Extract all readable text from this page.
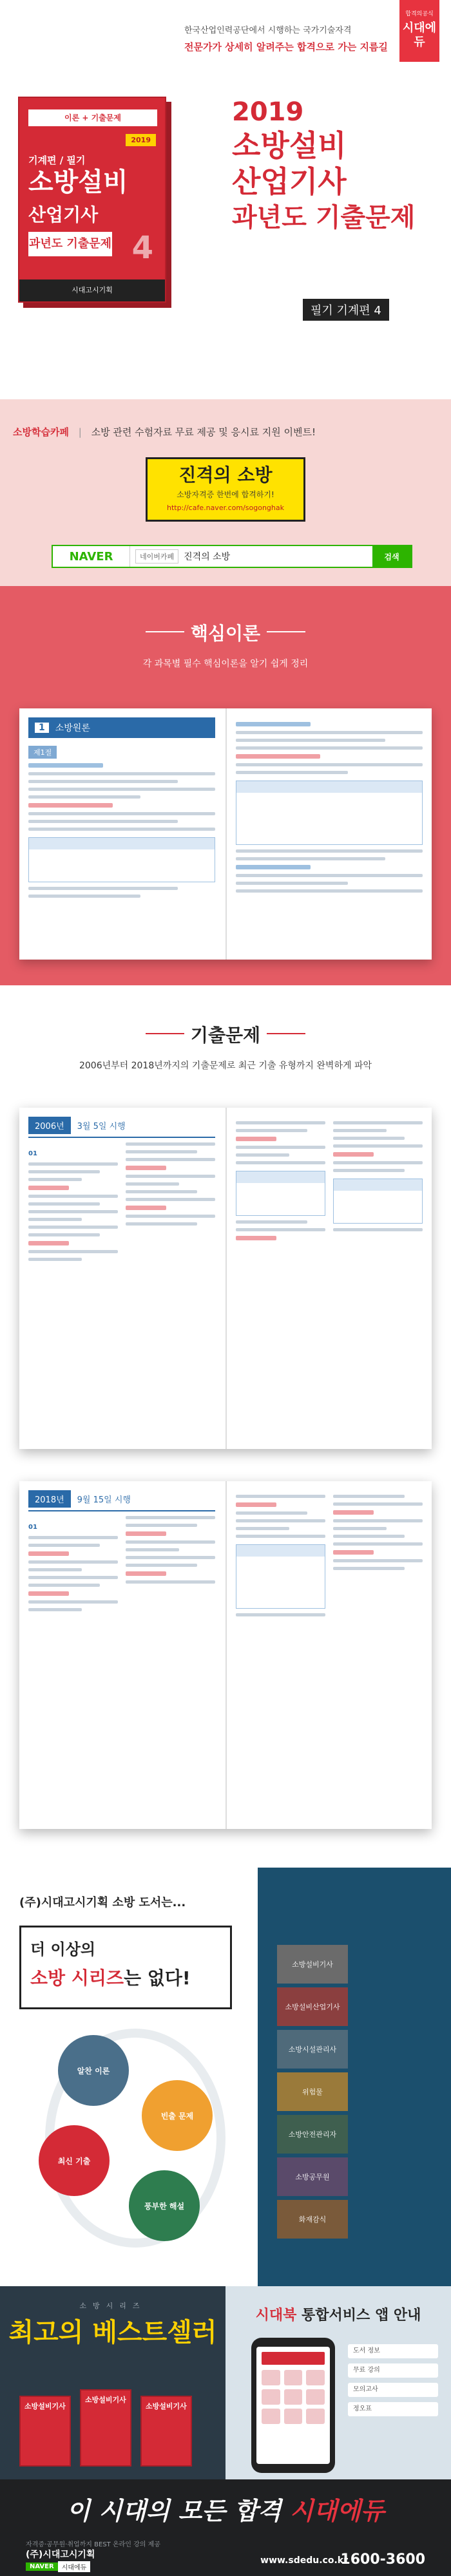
합격의공식
시대에듀
이론 + 기출문제
2019
기계편 / 필기
소방설비
산업기사
과년도 기출문제 4
시대고시기획
한국산업인력공단에서 시행하는 국가기술자격
전문가가 상세히 알려주는 합격으로 가는 지름길
2019
소방설비
산업기사
과년도 기출문제
필기 기계편 4
소방학습카페 | 소방 관련 수험자료 무료 제공 및 응시료 지원 이벤트!
진격의 소방
소방자격증 한번에 합격하기!
http://cafe.naver.com/sogonghak
NAVER	네이버카페	진격의 소방	검색
핵심이론
각 과목별 필수 핵심이론을 알기 쉽게 정리
1	소방원론
제1절
기출문제
2006년부터 2018년까지의 기출문제로 최근 기출 유형까지 완벽하게 파악
2006년	3월 5일 시행
01
2018년	9월 15일 시행
01
(주)시대고시기획 소방 도서는...
더 이상의
소방 시리즈는 없다!
알찬 이론
빈출 문제
최신 기출
풍부한 해설
소방설비기사
소방설비산업기사
소방시설관리사
위험물
소방안전관리자
소방공무원
화재감식
소방시리즈
최고의 베스트셀러
소방설비기사
소방설비기사
소방설비기사
시대북 통합서비스 앱 안내
도서 정보
무료 강의
모의고사
정오표
이 시대의 모든 합격 시대에듀
자격증·공무원·취업까지 BEST 온라인 강의 제공
(주)시대고시기획
NAVER	시대에듀
www.sdedu.co.kr
1600-3600
